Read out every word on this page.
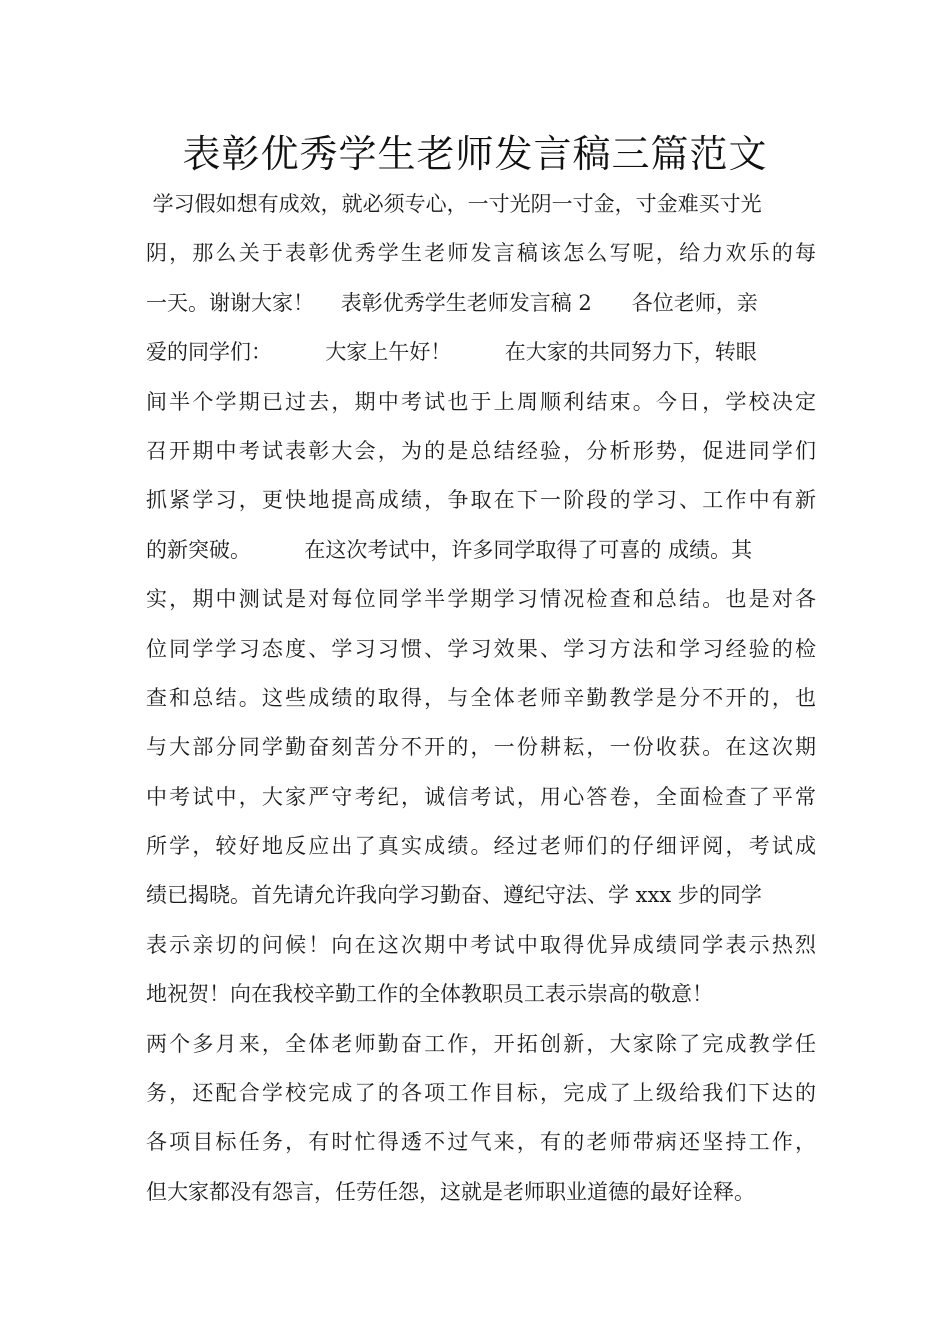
表彰优秀学生老师发言稿三篇范文
学习假如想有成效，就必须专心，一寸光阴一寸金，寸金难买寸光
阴，那么关于表彰优秀学生老师发言稿该怎么写呢，给力欢乐的每
一天。谢谢大家！    表彰优秀学生老师发言稿 2      各位老师，亲
爱的同学们：        大家上午好！        在大家的共同努力下，转眼
间半个学期已过去，期中考试也于上周顺利结束。今日，学校决定
召开期中考试表彰大会，为的是总结经验，分析形势，促进同学们
抓紧学习，更快地提高成绩，争取在下一阶段的学习、工作中有新
的新突破。        在这次考试中，许多同学取得了可喜的 成绩。其
实，期中测试是对每位同学半学期学习情况检查和总结。也是对各
位同学学习态度、学习习惯、学习效果、学习方法和学习经验的检
查和总结。这些成绩的取得，与全体老师辛勤教学是分不开的，也
与大部分同学勤奋刻苦分不开的，一份耕耘，一份收获。在这次期
中考试中，大家严守考纪，诚信考试，用心答卷，全面检查了平常
所学，较好地反应出了真实成绩。经过老师们的仔细评阅，考试成
绩已揭晓。首先请允许我向学习勤奋、遵纪守法、学 xxx 步的同学
表示亲切的问候！向在这次期中考试中取得优异成绩同学表示热烈
地祝贺！向在我校辛勤工作的全体教职员工表示崇高的敬意！
两个多月来，全体老师勤奋工作，开拓创新，大家除了完成教学任
务，还配合学校完成了的各项工作目标，完成了上级给我们下达的
各项目标任务，有时忙得透不过气来，有的老师带病还坚持工作，
但大家都没有怨言，任劳任怨，这就是老师职业道德的最好诠释。
